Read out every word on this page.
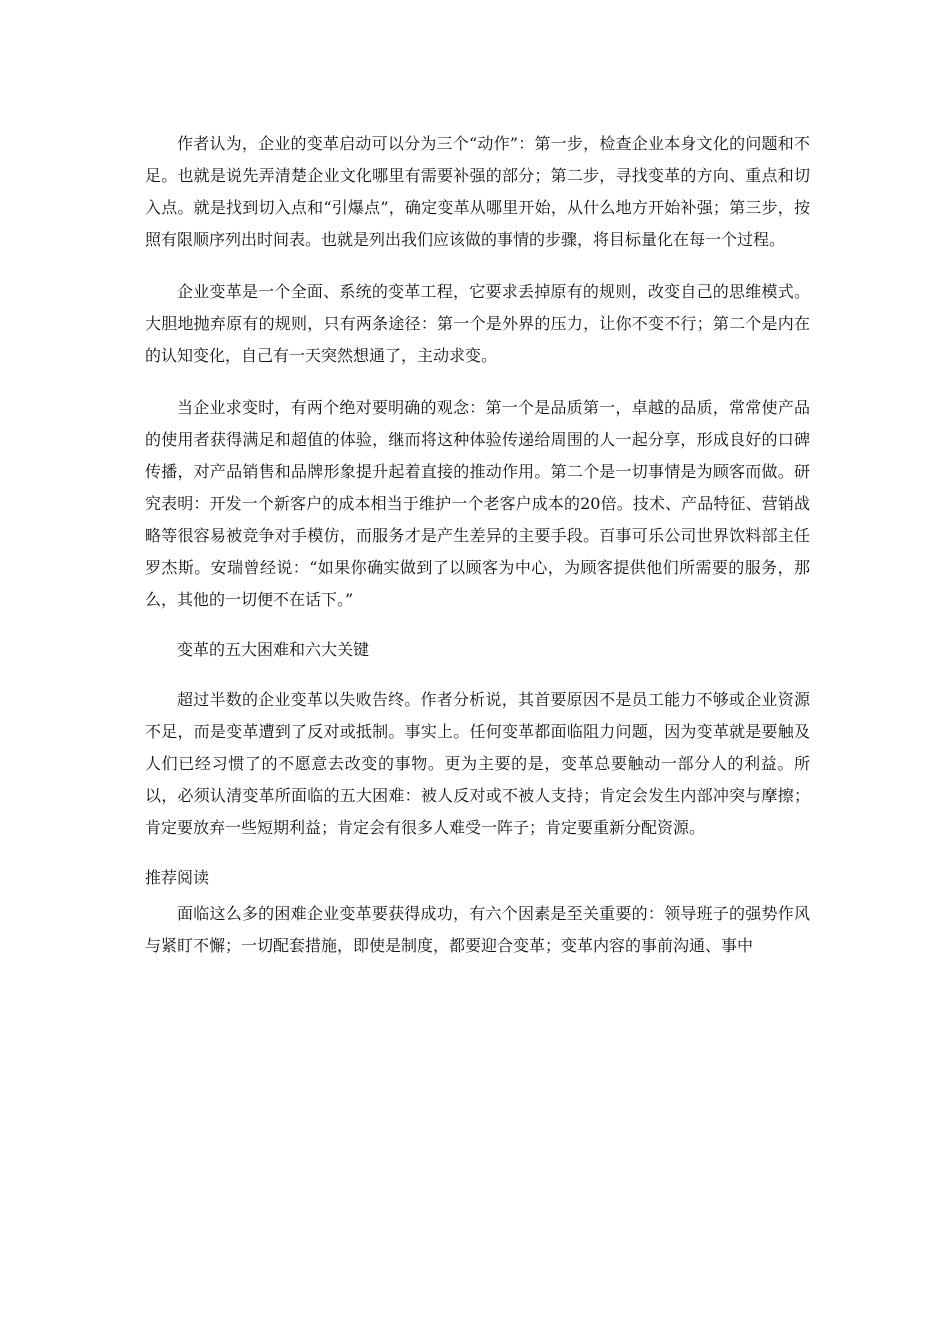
作者认为，企业的变革启动可以分为三个“动作”：第一步，检查企业本身文化的问题和不足。也就是说先弄清楚企业文化哪里有需要补强的部分；第二步，寻找变革的方向、重点和切入点。就是找到切入点和“引爆点”，确定变革从哪里开始，从什么地方开始补强；第三步，按照有限顺序列出时间表。也就是列出我们应该做的事情的步骤，将目标量化在每一个过程。

企业变革是一个全面、系统的变革工程，它要求丢掉原有的规则，改变自己的思维模式。大胆地抛弃原有的规则，只有两条途径：第一个是外界的压力，让你不变不行；第二个是内在的认知变化，自己有一天突然想通了，主动求变。

当企业求变时，有两个绝对要明确的观念：第一个是品质第一，卓越的品质，常常使产品的使用者获得满足和超值的体验，继而将这种体验传递给周围的人一起分享，形成良好的口碑传播，对产品销售和品牌形象提升起着直接的推动作用。第二个是一切事情是为顾客而做。研究表明：开发一个新客户的成本相当于维护一个老客户成本的20倍。技术、产品特征、营销战略等很容易被竞争对手模仿，而服务才是产生差异的主要手段。百事可乐公司世界饮料部主任罗杰斯。安瑞曾经说：“如果你确实做到了以顾客为中心，为顾客提供他们所需要的服务，那么，其他的一切便不在话下。”

变革的五大困难和六大关键

超过半数的企业变革以失败告终。作者分析说，其首要原因不是员工能力不够或企业资源不足，而是变革遭到了反对或抵制。事实上。任何变革都面临阻力问题，因为变革就是要触及人们已经习惯了的不愿意去改变的事物。更为主要的是，变革总要触动一部分人的利益。所以，必须认清变革所面临的五大困难：被人反对或不被人支持；肯定会发生内部冲突与摩擦；肯定要放弃一些短期利益；肯定会有很多人难受一阵子；肯定要重新分配资源。

推荐阅读

面临这么多的困难企业变革要获得成功，有六个因素是至关重要的：领导班子的强势作风与紧盯不懈；一切配套措施，即使是制度，都要迎合变革；变革内容的事前沟通、事中
